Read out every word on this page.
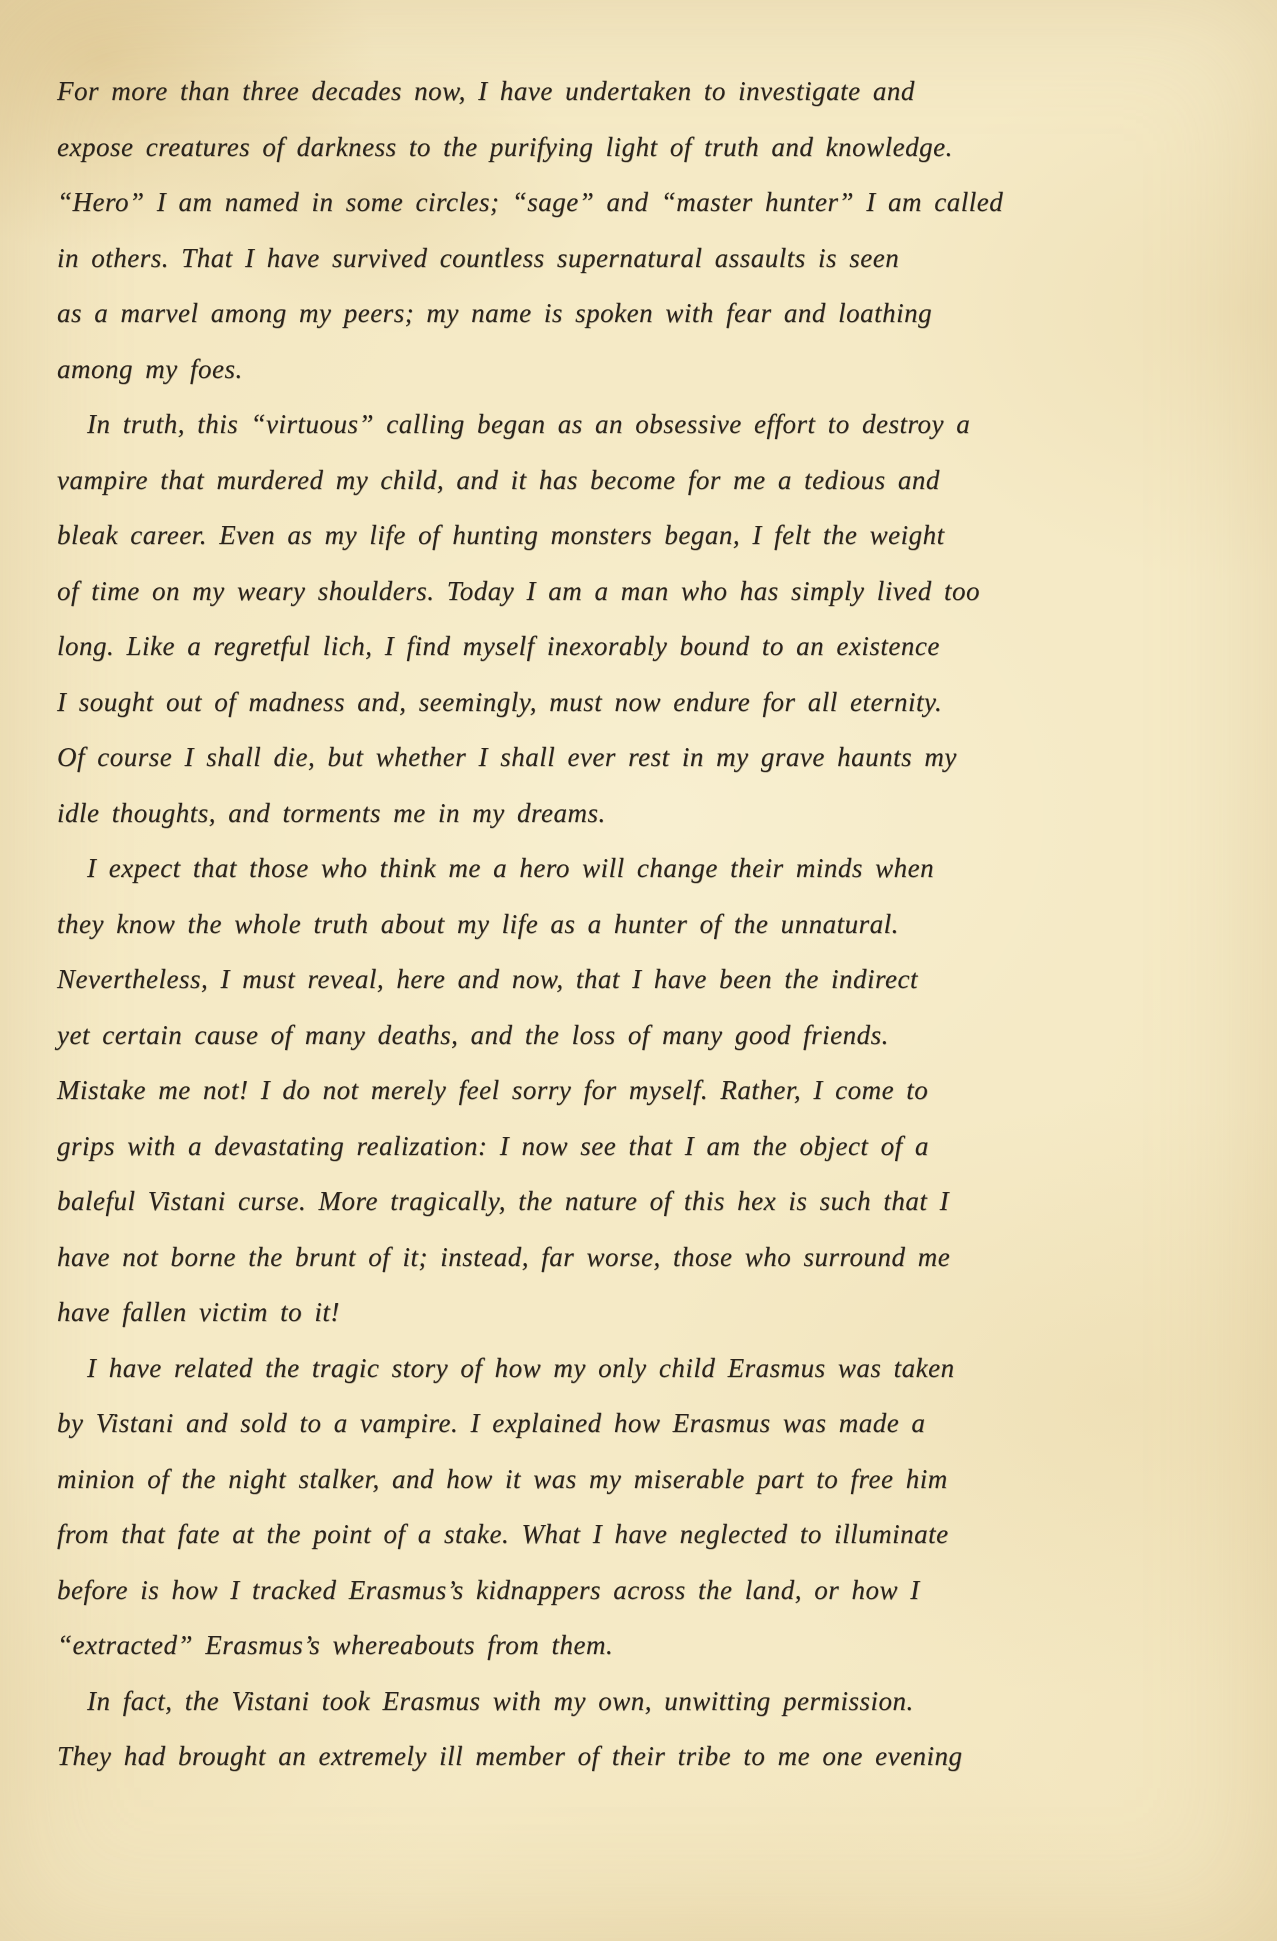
For more than three decades now, I have undertaken to investigate and
expose creatures of darkness to the purifying light of truth and knowledge.
“Hero” I am named in some circles; “sage” and “master hunter” I am called
in others. That I have survived countless supernatural assaults is seen
as a marvel among my peers; my name is spoken with fear and loathing
among my foes.
In truth, this “virtuous” calling began as an obsessive effort to destroy a
vampire that murdered my child, and it has become for me a tedious and
bleak career. Even as my life of hunting monsters began, I felt the weight
of time on my weary shoulders. Today I am a man who has simply lived too
long. Like a regretful lich, I find myself inexorably bound to an existence
I sought out of madness and, seemingly, must now endure for all eternity.
Of course I shall die, but whether I shall ever rest in my grave haunts my
idle thoughts, and torments me in my dreams.
I expect that those who think me a hero will change their minds when
they know the whole truth about my life as a hunter of the unnatural.
Nevertheless, I must reveal, here and now, that I have been the indirect
yet certain cause of many deaths, and the loss of many good friends.
Mistake me not! I do not merely feel sorry for myself. Rather, I come to
grips with a devastating realization: I now see that I am the object of a
baleful Vistani curse. More tragically, the nature of this hex is such that I
have not borne the brunt of it; instead, far worse, those who surround me
have fallen victim to it!
I have related the tragic story of how my only child Erasmus was taken
by Vistani and sold to a vampire. I explained how Erasmus was made a
minion of the night stalker, and how it was my miserable part to free him
from that fate at the point of a stake. What I have neglected to illuminate
before is how I tracked Erasmus’s kidnappers across the land, or how I
“extracted” Erasmus’s whereabouts from them.
In fact, the Vistani took Erasmus with my own, unwitting permission.
They had brought an extremely ill member of their tribe to me one evening
